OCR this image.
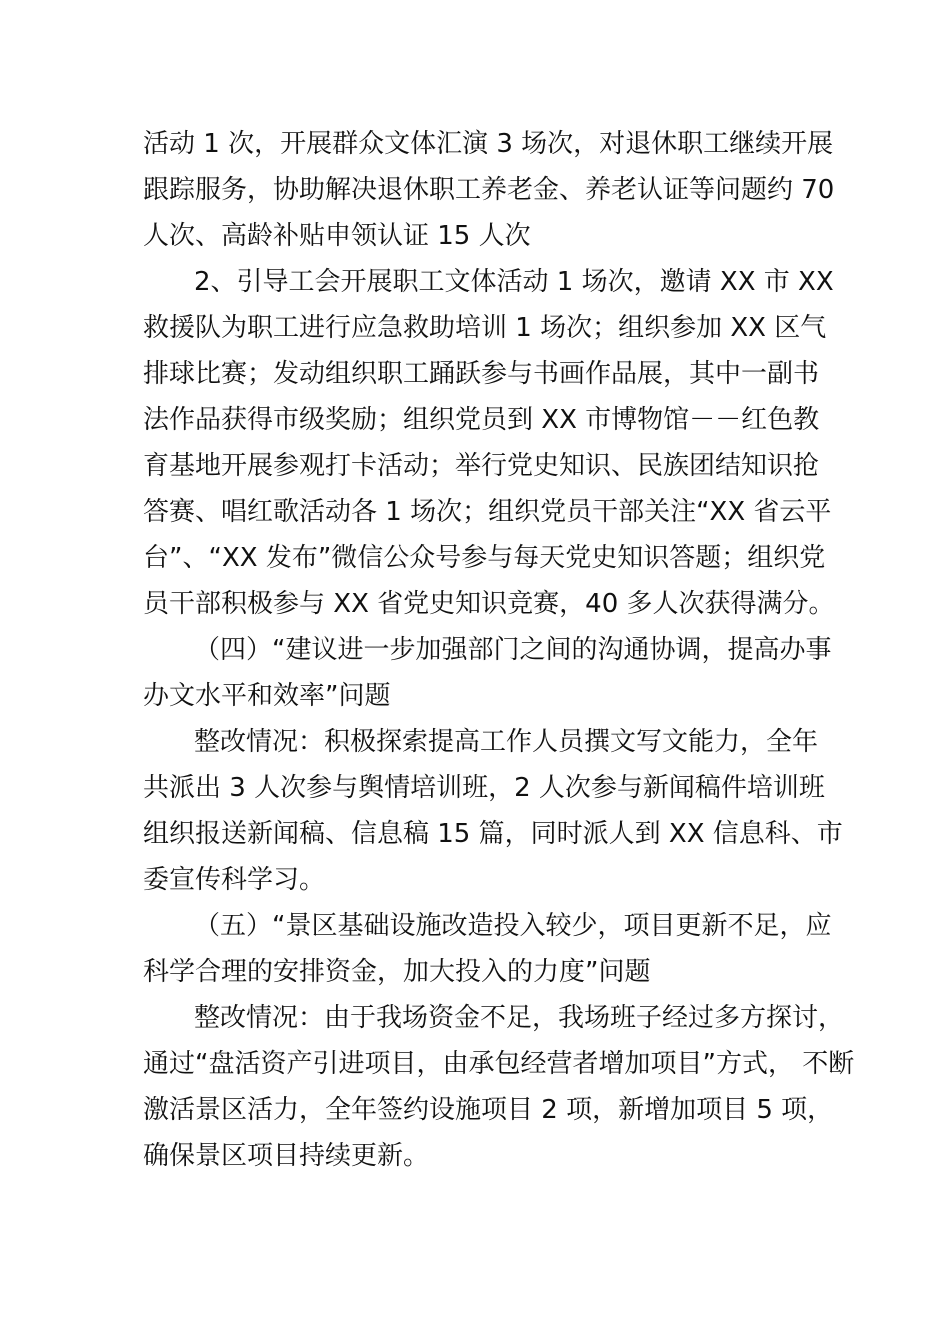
活动 1 次，开展群众文体汇演 3 场次，对退休职工继续开展

跟踪服务，协助解决退休职工养老金、养老认证等问题约 70

人次、高龄补贴申领认证 15 人次

2、引导工会开展职工文体活动 1 场次，邀请 XX 市 XX

救援队为职工进行应急救助培训 1 场次；组织参加 XX 区气

排球比赛；发动组织职工踊跃参与书画作品展，其中一副书

法作品获得市级奖励；组织党员到 XX 市博物馆－－红色教

育基地开展参观打卡活动；举行党史知识、民族团结知识抢

答赛、唱红歌活动各 1 场次；组织党员干部关注“XX 省云平

台”、“XX 发布”微信公众号参与每天党史知识答题；组织党

员干部积极参与 XX 省党史知识竞赛，40 多人次获得满分。

（四）“建议进一步加强部门之间的沟通协调，提高办事

办文水平和效率”问题

整改情况：积极探索提高工作人员撰文写文能力，全年

共派出 3 人次参与舆情培训班，2 人次参与新闻稿件培训班

组织报送新闻稿、信息稿 15 篇，同时派人到 XX 信息科、市

委宣传科学习。

（五）“景区基础设施改造投入较少，项目更新不足，应

科学合理的安排资金，加大投入的力度”问题

整改情况：由于我场资金不足，我场班子经过多方探讨，

通过“盘活资产引进项目，由承包经营者增加项目”方式， 不断

激活景区活力，全年签约设施项目 2 项，新增加项目 5 项，

确保景区项目持续更新。
